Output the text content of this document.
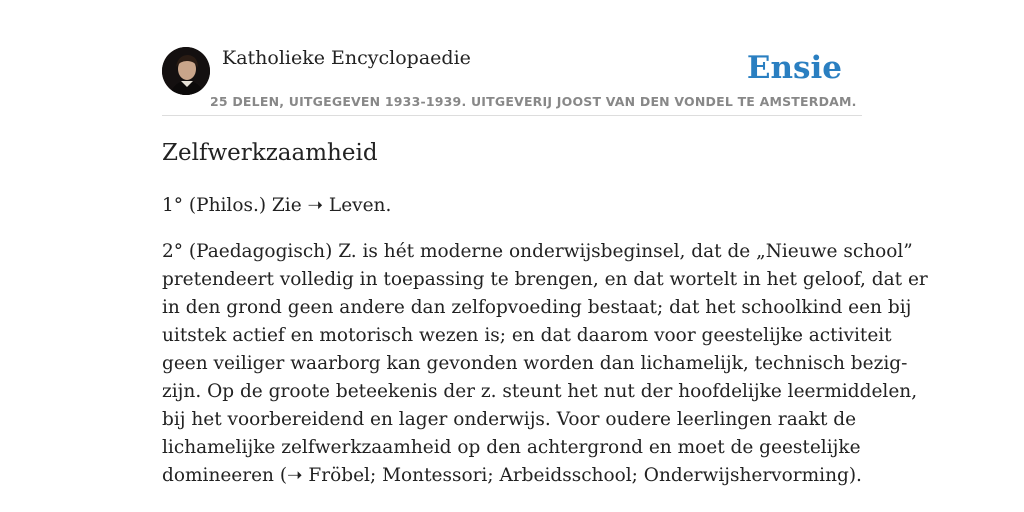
Katholieke Encyclopaedie	Ensie
25 DELEN, UITGEGEVEN 1933-1939. UITGEVERIJ JOOST VAN DEN VONDEL TE AMSTERDAM.
Zelfwerkzaamheid

1° (Philos.) Zie ➝ Leven.

2° (Paedagogisch) Z. is hét moderne onderwijsbeginsel, dat de „Nieuwe school”
pretendeert volledig in toepassing te brengen, en dat wortelt in het geloof, dat er
in den grond geen andere dan zelfopvoeding bestaat; dat het schoolkind een bij
uitstek actief en motorisch wezen is; en dat daarom voor geestelijke activiteit
geen veiliger waarborg kan gevonden worden dan lichamelijk, technisch bezig-
zijn. Op de groote beteekenis der z. steunt het nut der hoofdelijke leermiddelen,
bij het voorbereidend en lager onderwijs. Voor oudere leerlingen raakt de
lichamelijke zelfwerkzaamheid op den achtergrond en moet de geestelijke
domineeren (➝ Fröbel; Montessori; Arbeidsschool; Onderwijshervorming).
